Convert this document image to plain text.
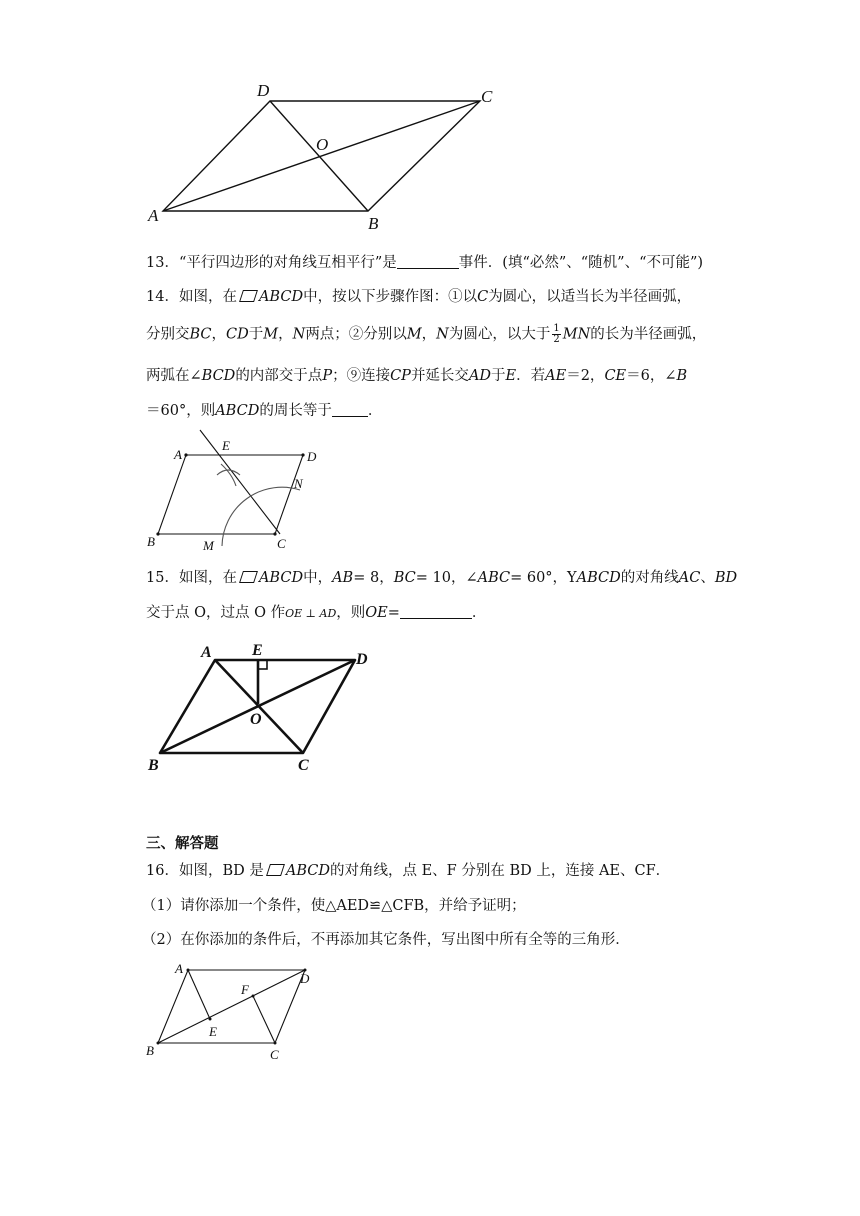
A	B
C
D
O
13．“平行四边形的对角线互相平行”是	事件．(填“必然”、“随机”、“不可能”)
14．如图，在 ABCD中，按以下步骤作图：①以C为圆心，以适当长为半径画弧，
分别交BC，CD于M，N两点；②分别以M，N为圆心，以大于 $\frac{1}{2}$ MN的长为半径画弧，
两弧在∠BCD的内部交于点P；⑨连接CP并延长交AD于E．若AE＝2，CE＝6，∠B
＝60°，则ABCD的周长等于 ．
A
B	C
D
E
M
N
15．如图，在 ABCD中，AB= 8，BC= 10，∠ABC= 60°，YABCD的对角线AC、BD
交于点 O，过点 O 作OE ⊥ AD，则OE=	．
A
B	C
D
E
O
三、解答题
16．如图，BD 是 ABCD的对角线，点 E、F 分别在 BD 上，连接 AE、CF．
（1）请你添加一个条件，使△AED≌△CFB，并给予证明；
（2）在你添加的条件后，不再添加其它条件，写出图中所有全等的三角形．
A
B	C
D
E
F
